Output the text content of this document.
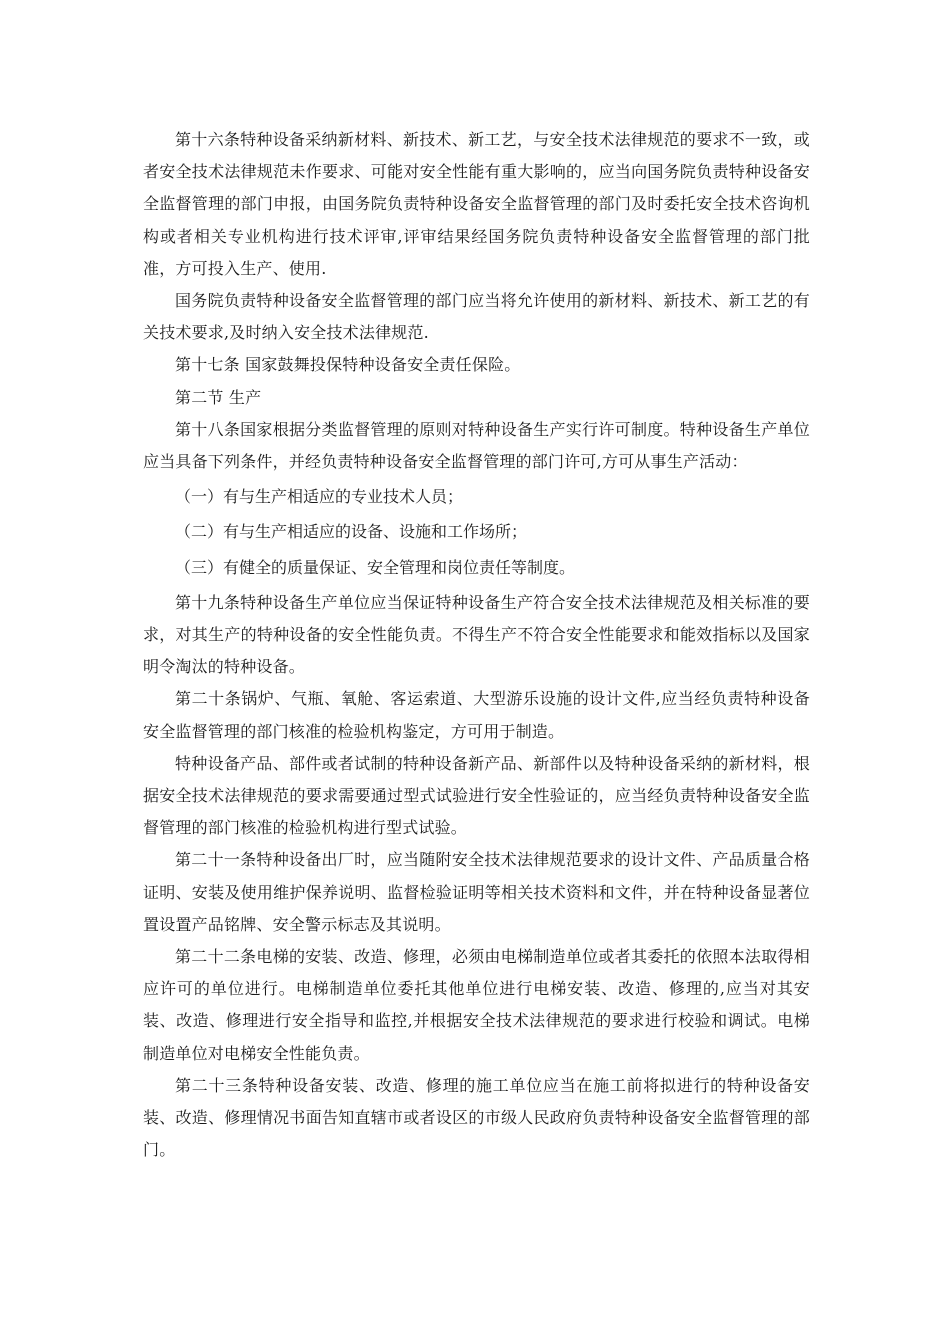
第十六条特种设备采纳新材料、新技术、新工艺，与安全技术法律规范的要求不一致，或者安全技术法律规范未作要求、可能对安全性能有重大影响的，应当向国务院负责特种设备安全监督管理的部门申报，由国务院负责特种设备安全监督管理的部门及时委托安全技术咨询机构或者相关专业机构进行技术评审,评审结果经国务院负责特种设备安全监督管理的部门批准，方可投入生产、使用.

国务院负责特种设备安全监督管理的部门应当将允许使用的新材料、新技术、新工艺的有关技术要求,及时纳入安全技术法律规范.

第十七条 国家鼓舞投保特种设备安全责任保险。

第二节 生产

第十八条国家根据分类监督管理的原则对特种设备生产实行许可制度。特种设备生产单位应当具备下列条件，并经负责特种设备安全监督管理的部门许可,方可从事生产活动：

（一）有与生产相适应的专业技术人员；

（二）有与生产相适应的设备、设施和工作场所；

（三）有健全的质量保证、安全管理和岗位责任等制度。

第十九条特种设备生产单位应当保证特种设备生产符合安全技术法律规范及相关标准的要求，对其生产的特种设备的安全性能负责。不得生产不符合安全性能要求和能效指标以及国家明令淘汰的特种设备。

第二十条锅炉、气瓶、氧舱、客运索道、大型游乐设施的设计文件,应当经负责特种设备安全监督管理的部门核准的检验机构鉴定，方可用于制造。

特种设备产品、部件或者试制的特种设备新产品、新部件以及特种设备采纳的新材料，根据安全技术法律规范的要求需要通过型式试验进行安全性验证的，应当经负责特种设备安全监督管理的部门核准的检验机构进行型式试验。

第二十一条特种设备出厂时，应当随附安全技术法律规范要求的设计文件、产品质量合格证明、安装及使用维护保养说明、监督检验证明等相关技术资料和文件，并在特种设备显著位置设置产品铭牌、安全警示标志及其说明。

第二十二条电梯的安装、改造、修理，必须由电梯制造单位或者其委托的依照本法取得相应许可的单位进行。电梯制造单位委托其他单位进行电梯安装、改造、修理的,应当对其安装、改造、修理进行安全指导和监控,并根据安全技术法律规范的要求进行校验和调试。电梯制造单位对电梯安全性能负责。

第二十三条特种设备安装、改造、修理的施工单位应当在施工前将拟进行的特种设备安装、改造、修理情况书面告知直辖市或者设区的市级人民政府负责特种设备安全监督管理的部门。
